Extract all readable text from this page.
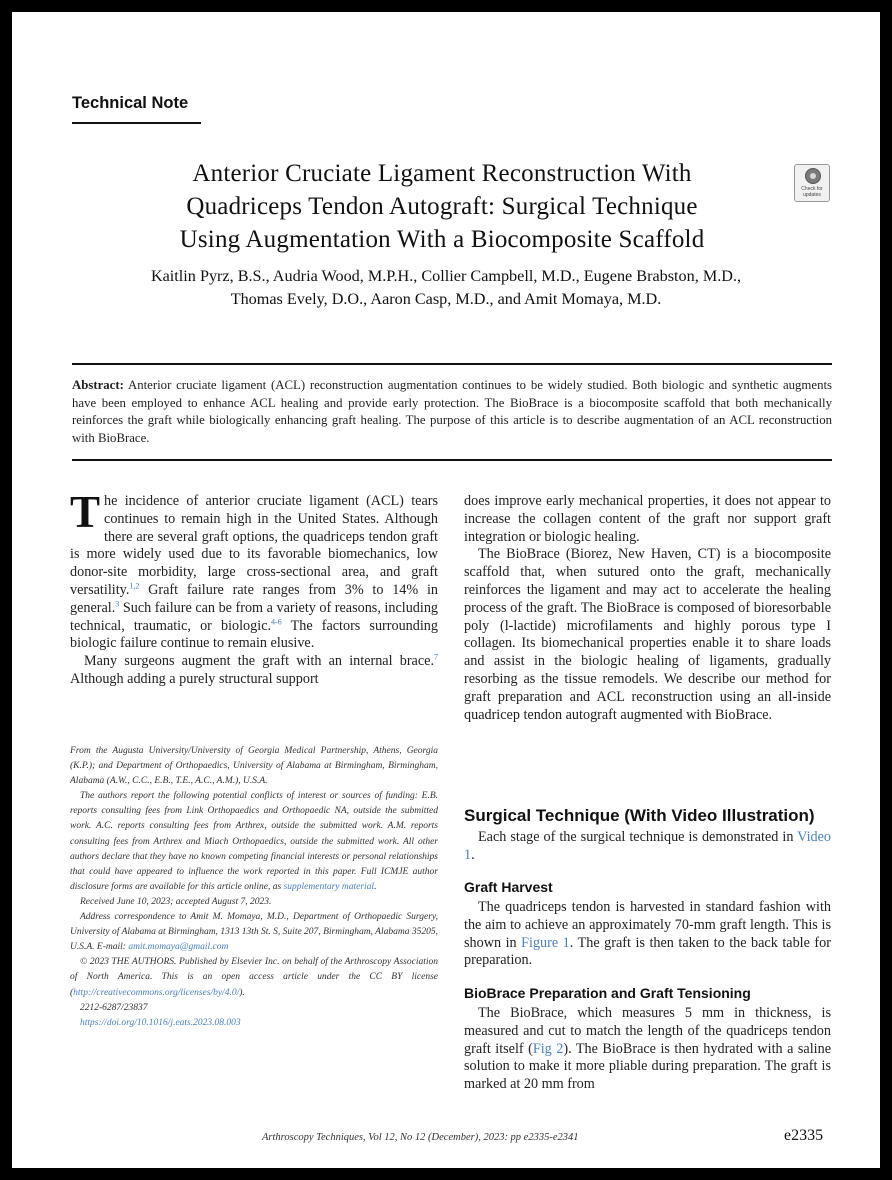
Technical Note
Anterior Cruciate Ligament Reconstruction With
Quadriceps Tendon Autograft: Surgical Technique
Using Augmentation With a Biocomposite Scaffold
Check for
updates
Kaitlin Pyrz, B.S., Audria Wood, M.P.H., Collier Campbell, M.D., Eugene Brabston, M.D.,
Thomas Evely, D.O., Aaron Casp, M.D., and Amit Momaya, M.D.
Abstract: Anterior cruciate ligament (ACL) reconstruction augmentation continues to be widely studied. Both biologic and synthetic augments have been employed to enhance ACL healing and provide early protection. The BioBrace is a biocomposite scaffold that both mechanically reinforces the graft while biologically enhancing graft healing. The purpose of this article is to describe augmentation of an ACL reconstruction with BioBrace.

The incidence of anterior cruciate ligament (ACL) tears continues to remain high in the United States. Although there are several graft options, the quadriceps tendon graft is more widely used due to its favorable biomechanics, low donor-site morbidity, large cross-sectional area, and graft versatility.$^{1,2}$ Graft failure rate ranges from 3% to 14% in general.$^3$ Such failure can be from a variety of reasons, including technical, traumatic, or biologic.$^{4-6}$ The factors surrounding biologic failure continue to remain elusive.

Many surgeons augment the graft with an internal brace.$^7$ Although adding a purely structural support

From the Augusta University/University of Georgia Medical Partnership, Athens, Georgia (K.P.); and Department of Orthopaedics, University of Alabama at Birmingham, Birmingham, Alabama (A.W., C.C., E.B., T.E., A.C., A.M.), U.S.A.

The authors report the following potential conflicts of interest or sources of funding: E.B. reports consulting fees from Link Orthopaedics and Orthopaedic NA, outside the submitted work. A.C. reports consulting fees from Arthrex, outside the submitted work. A.M. reports consulting fees from Arthrex and Miach Orthopaedics, outside the submitted work. All other authors declare that they have no known competing financial interests or personal relationships that could have appeared to influence the work reported in this paper. Full ICMJE author disclosure forms are available for this article online, as supplementary material.

Received June 10, 2023; accepted August 7, 2023.

Address correspondence to Amit M. Momaya, M.D., Department of Orthopaedic Surgery, University of Alabama at Birmingham, 1313 13th St. S, Suite 207, Birmingham, Alabama 35205, U.S.A. E-mail: amit.momaya@gmail.com

© 2023 THE AUTHORS. Published by Elsevier Inc. on behalf of the Arthroscopy Association of North America. This is an open access article under the CC BY license (http://creativecommons.org/licenses/by/4.0/).

2212-6287/23837

https://doi.org/10.1016/j.eats.2023.08.003

does improve early mechanical properties, it does not appear to increase the collagen content of the graft nor support graft integration or biologic healing.

The BioBrace (Biorez, New Haven, CT) is a biocomposite scaffold that, when sutured onto the graft, mechanically reinforces the ligament and may act to accelerate the healing process of the graft. The BioBrace is composed of bioresorbable poly (l-lactide) microfilaments and highly porous type I collagen. Its biomechanical properties enable it to share loads and assist in the biologic healing of ligaments, gradually resorbing as the tissue remodels. We describe our method for graft preparation and ACL reconstruction using an all-inside quadricep tendon autograft augmented with BioBrace.

Surgical Technique (With Video Illustration)

Each stage of the surgical technique is demonstrated in Video 1.

Graft Harvest

The quadriceps tendon is harvested in standard fashion with the aim to achieve an approximately 70-mm graft length. This is shown in Figure 1. The graft is then taken to the back table for preparation.

BioBrace Preparation and Graft Tensioning

The BioBrace, which measures 5 mm in thickness, is measured and cut to match the length of the quadriceps tendon graft itself (Fig 2). The BioBrace is then hydrated with a saline solution to make it more pliable during preparation. The graft is marked at 20 mm from

Arthroscopy Techniques, Vol 12, No 12 (December), 2023: pp e2335-e2341	e2335
